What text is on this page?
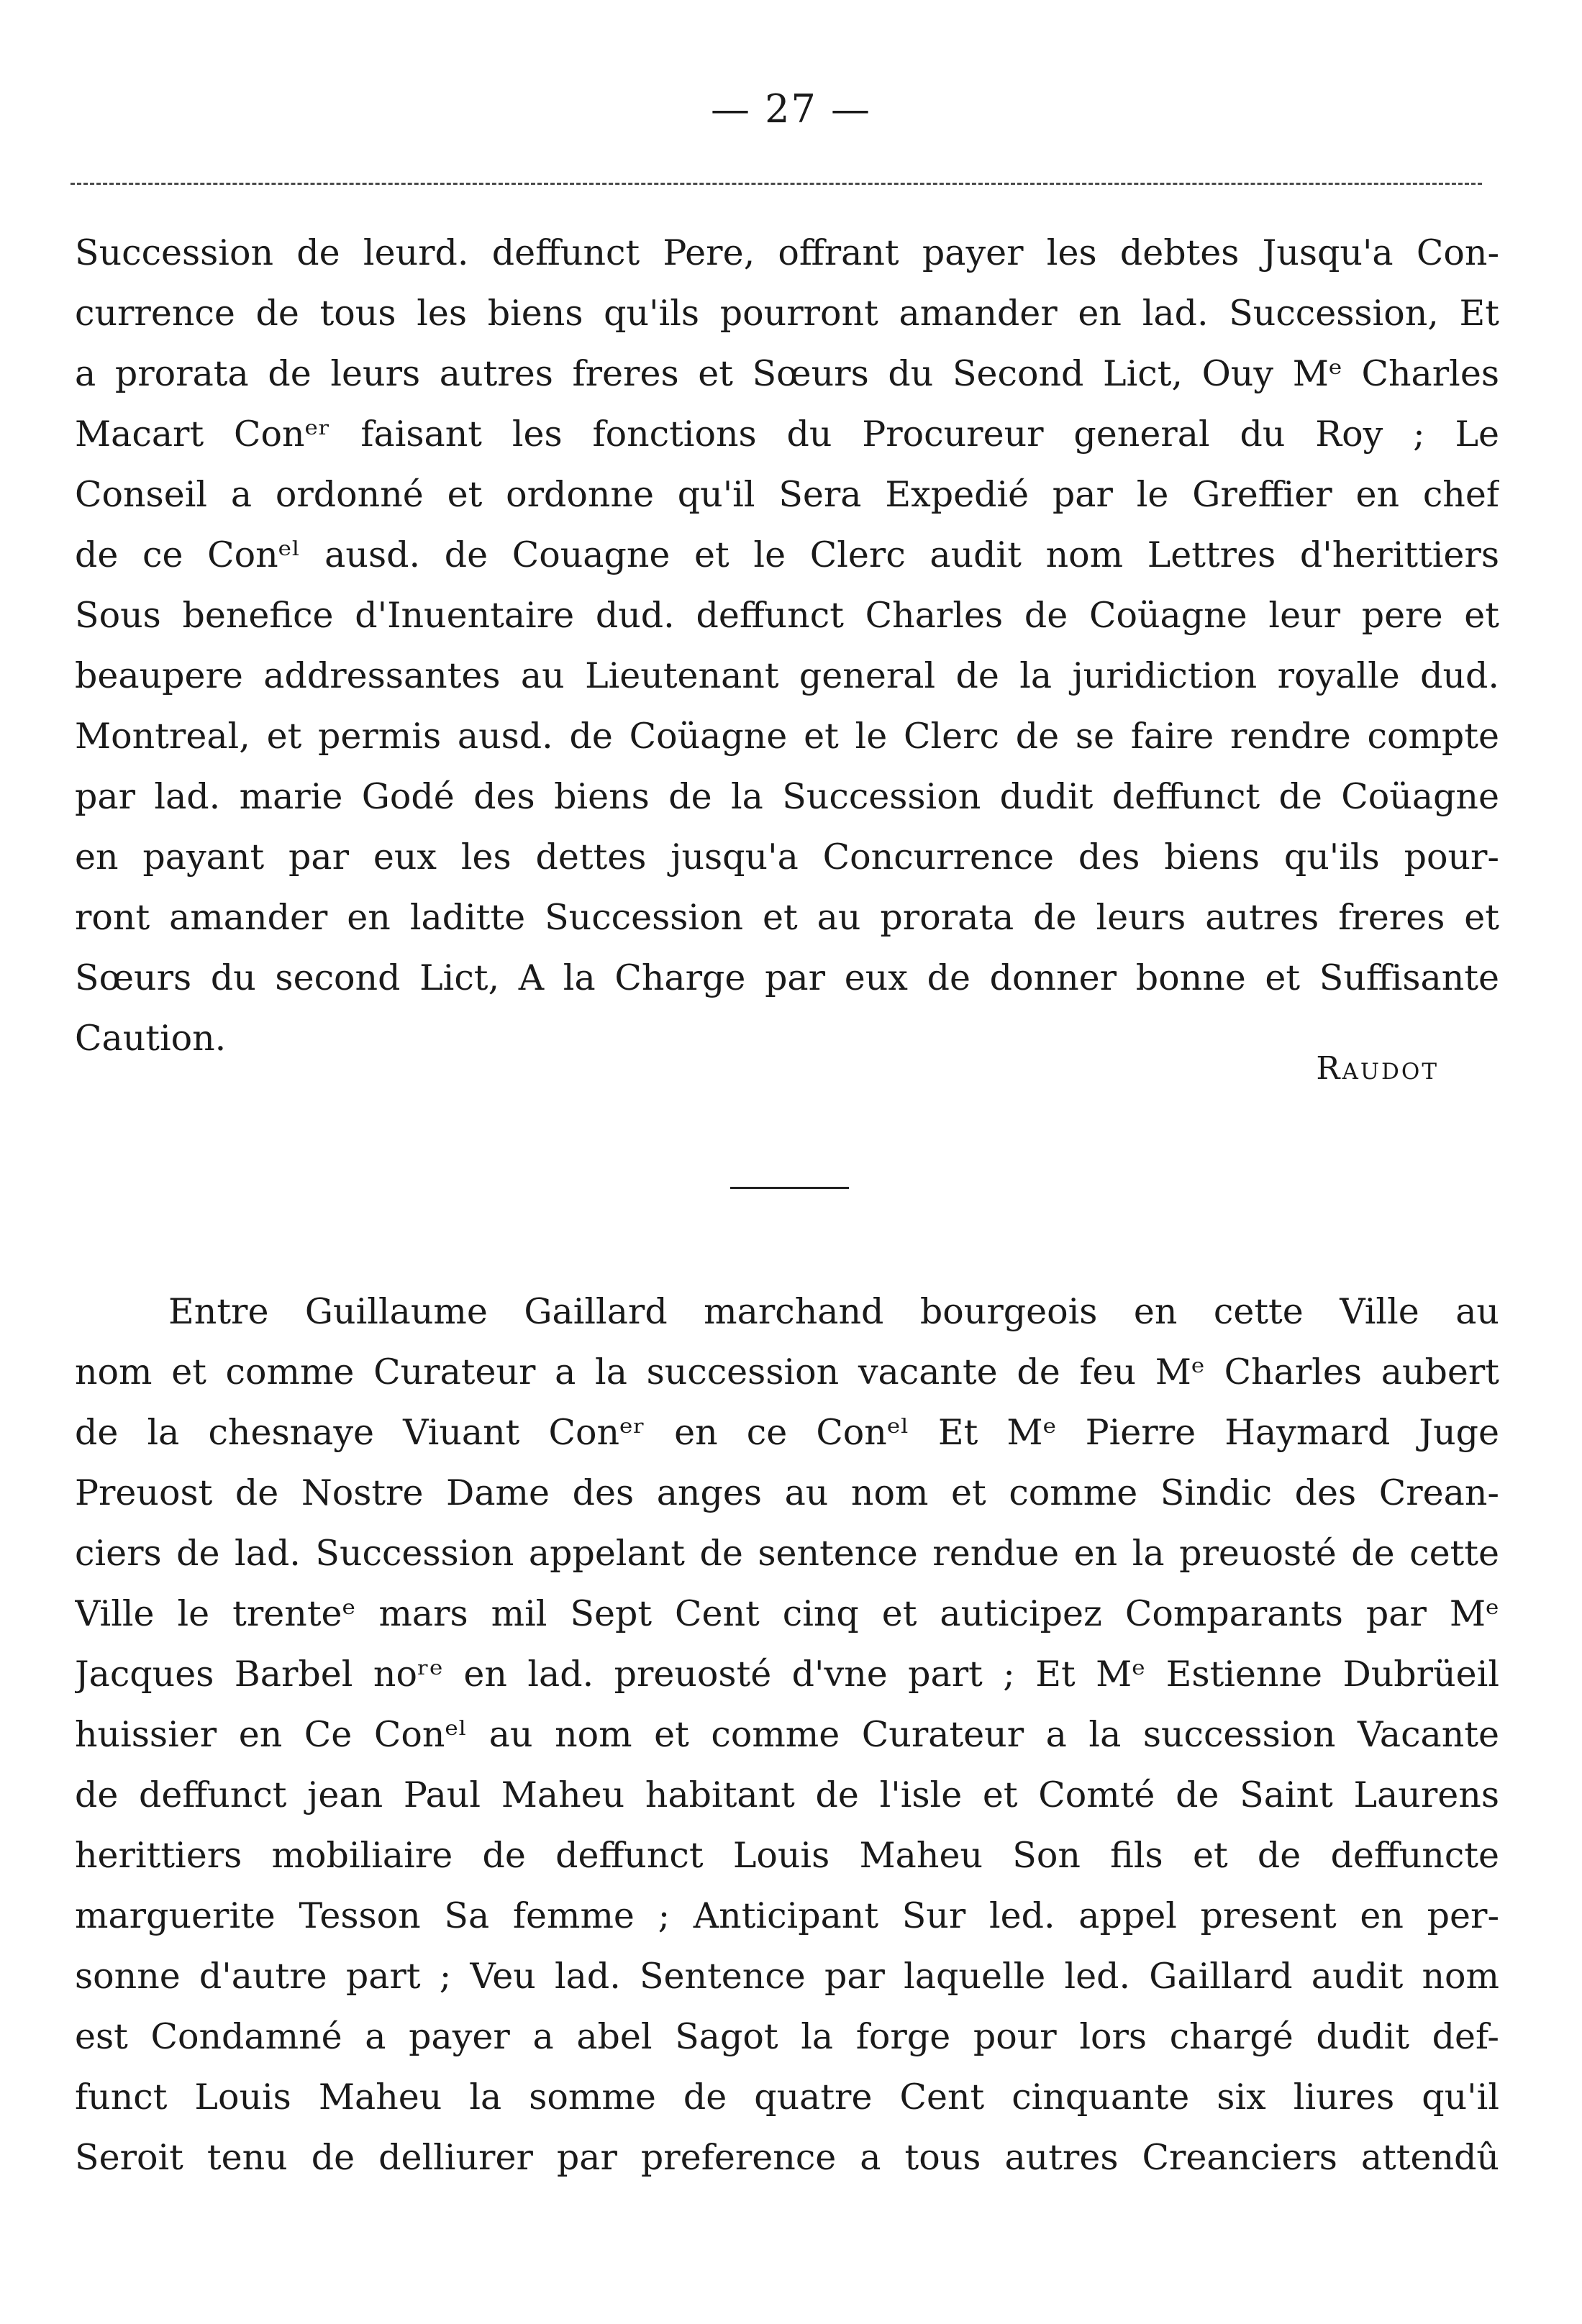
— 27 —
Succession de leurd. deffunct Pere, offrant payer les debtes Jusqu'a Con-
currence de tous les biens qu'ils pourront amander en lad. Succession, Et
a prorata de leurs autres freres et Sœurs du Second Lict, Ouy Mᵉ Charles
Macart Conᵉʳ faisant les fonctions du Procureur general du Roy ; Le
Conseil a ordonné et ordonne qu'il Sera Expedié par le Greffier en chef
de ce Conᵉˡ ausd. de Couagne et le Clerc audit nom Lettres d'herittiers
Sous benefice d'Inuentaire dud. deffunct Charles de Coüagne leur pere et
beaupere addressantes au Lieutenant general de la juridiction royalle dud.
Montreal, et permis ausd. de Coüagne et le Clerc de se faire rendre compte
par lad. marie Godé des biens de la Succession dudit deffunct de Coüagne
en payant par eux les dettes jusqu'a Concurrence des biens qu'ils pour-
ront amander en laditte Succession et au prorata de leurs autres freres et
Sœurs du second Lict, A la Charge par eux de donner bonne et Suffisante
Caution.
Raudot
Entre Guillaume Gaillard marchand bourgeois en cette Ville au
nom et comme Curateur a la succession vacante de feu Mᵉ Charles aubert
de la chesnaye Viuant Conᵉʳ en ce Conᵉˡ Et Mᵉ Pierre Haymard Juge
Preuost de Nostre Dame des anges au nom et comme Sindic des Crean-
ciers de lad. Succession appelant de sentence rendue en la preuosté de cette
Ville le trenteᵉ mars mil Sept Cent cinq et auticipez Comparants par Mᵉ
Jacques Barbel noʳᵉ en lad. preuosté d'vne part ; Et Mᵉ Estienne Dubrüeil
huissier en Ce Conᵉˡ au nom et comme Curateur a la succession Vacante
de deffunct jean Paul Maheu habitant de l'isle et Comté de Saint Laurens
herittiers mobiliaire de deffunct Louis Maheu Son fils et de deffuncte
marguerite Tesson Sa femme ; Anticipant Sur led. appel present en per-
sonne d'autre part ; Veu lad. Sentence par laquelle led. Gaillard audit nom
est Condamné a payer a abel Sagot la forge pour lors chargé dudit def-
funct Louis Maheu la somme de quatre Cent cinquante six liures qu'il
Seroit tenu de delliurer par preference a tous autres Creanciers attendû
